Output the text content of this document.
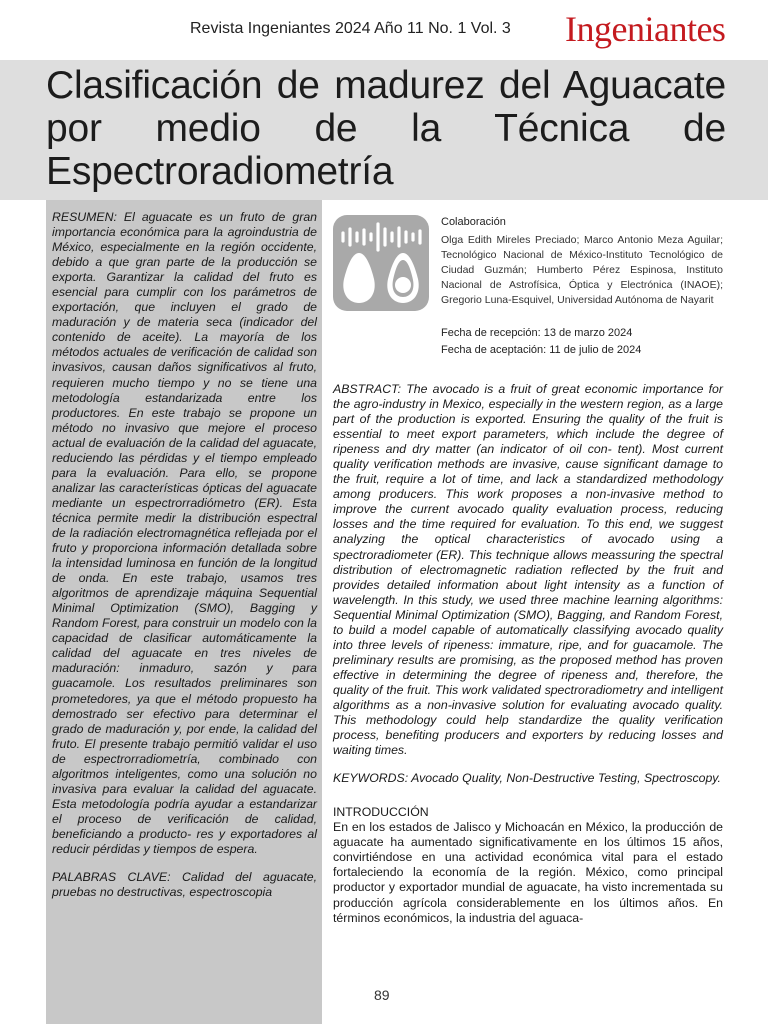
Revista Ingeniantes 2024 Año 11 No. 1 Vol. 3 Ingeniantes
Clasificación de madurez del Aguacate por medio de la Técnica de Espectroradiometría

RESUMEN: El aguacate es un fruto de gran importancia económica para la agroindustria de México, especialmente en la región occidente, debido a que gran parte de la producción se exporta. Garantizar la calidad del fruto es esencial para cumplir con los parámetros de exportación, que incluyen el grado de maduración y de materia seca (indicador del contenido de aceite). La mayoría de los métodos actuales de verificación de calidad son invasivos, causan daños significativos al fruto, requieren mucho tiempo y no se tiene una metodología estandarizada entre los productores. En este trabajo se propone un método no invasivo que mejore el proceso actual de evaluación de la calidad del aguacate, reduciendo las pérdidas y el tiempo empleado para la evaluación. Para ello, se propone analizar las características ópticas del aguacate mediante un espectrorradiómetro (ER). Esta técnica permite medir la distribución espectral de la radiación electromagnética reflejada por el fruto y proporciona información detallada sobre la intensidad luminosa en función de la longitud de onda. En este trabajo, usamos tres algoritmos de aprendizaje máquina Sequential Minimal Optimization (SMO), Bagging y Random Forest, para construir un modelo con la capacidad de clasificar automáticamente la calidad del aguacate en tres niveles de maduración: inmaduro, sazón y para guacamole. Los resultados preliminares son prometedores, ya que el método propuesto ha demostrado ser efectivo para determinar el grado de maduración y, por ende, la calidad del fruto. El presente trabajo permitió validar el uso de espectrorradiometría, combinado con algoritmos inteligentes, como una solución no invasiva para evaluar la calidad del aguacate. Esta metodología podría ayudar a estandarizar el proceso de verificación de calidad, beneficiando a producto- res y exportadores al reducir pérdidas y tiempos de espera.

PALABRAS CLAVE: Calidad del aguacate, pruebas no destructivas, espectroscopia

Colaboración

Olga Edith Mireles Preciado; Marco Antonio Meza Aguilar; Tecnológico Nacional de México-Instituto Tecnológico de Ciudad Guzmán; Humberto Pérez Espinosa, Instituto Nacional de Astrofísica, Óptica y Electrónica (INAOE); Gregorio Luna-Esquivel, Universidad Autónoma de Nayarit

Fecha de recepción: 13 de marzo 2024

Fecha de aceptación: 11 de julio de 2024

ABSTRACT: The avocado is a fruit of great economic importance for the agro-industry in Mexico, especially in the western region, as a large part of the production is exported. Ensuring the quality of the fruit is essential to meet export parameters, which include the degree of ripeness and dry matter (an indicator of oil con- tent). Most current quality verification methods are invasive, cause significant damage to the fruit, require a lot of time, and lack a standardized methodology among producers. This work proposes a non-invasive method to improve the current avocado quality evaluation process, reducing losses and the time required for evaluation. To this end, we suggest analyzing the optical characteristics of avocado using a spectroradiometer (ER). This technique allows meassuring the spectral distribution of electromagnetic radiation reflected by the fruit and provides detailed information about light intensity as a function of wavelength. In this study, we used three machine learning algorithms: Sequential Minimal Optimization (SMO), Bagging, and Random Forest, to build a model capable of automatically classifying avocado quality into three levels of ripeness: immature, ripe, and for guacamole. The preliminary results are promising, as the proposed method has proven effective in determining the degree of ripeness and, therefore, the quality of the fruit. This work validated spectroradiometry and intelligent algorithms as a non-invasive solution for evaluating avocado quality. This methodology could help standardize the quality verification process, benefiting producers and exporters by reducing losses and waiting times.

KEYWORDS: Avocado Quality, Non-Destructive Testing, Spectroscopy.

INTRODUCCIÓN

En en los estados de Jalisco y Michoacán en México, la producción de aguacate ha aumentado significativamente en los últimos 15 años, convirtiéndose en una actividad económica vital para el estado fortaleciendo la economía de la región. México, como principal productor y exportador mundial de aguacate, ha visto incrementada su producción agrícola considerablemente en los últimos años. En términos económicos, la industria del aguaca-

89
